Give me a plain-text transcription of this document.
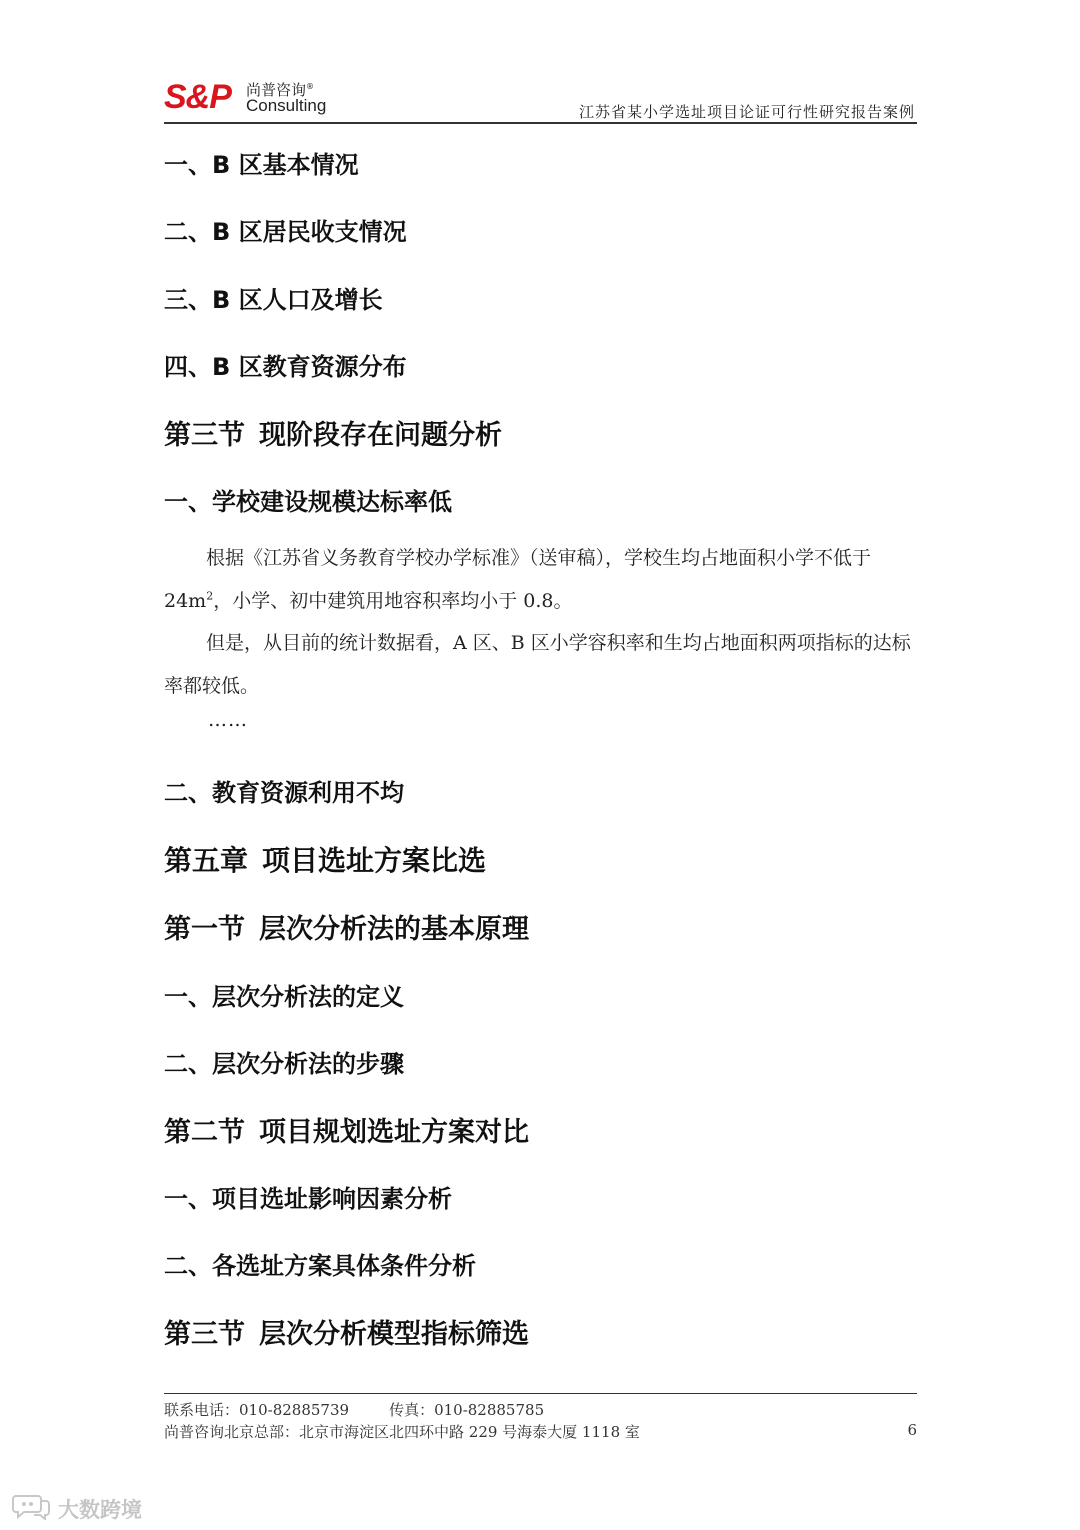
S&P 尚普咨询®
Consulting	江苏省某小学选址项目论证可行性研究报告案例
一、B 区基本情况
二、B 区居民收支情况
三、B 区人口及增长
四、B 区教育资源分布
第三节 现阶段存在问题分析
一、学校建设规模达标率低
根据《江苏省义务教育学校办学标准》（送审稿），学校生均占地面积小学不低于 $24m^2$，小学、初中建筑用地容积率均小于 0.8。
但是，从目前的统计数据看，A 区、B 区小学容积率和生均占地面积两项指标的达标率都较低。
……
二、教育资源利用不均
第五章 项目选址方案比选
第一节 层次分析法的基本原理
一、层次分析法的定义
二、层次分析法的步骤
第二节 项目规划选址方案对比
一、项目选址影响因素分析
二、各选址方案具体条件分析
第三节 层次分析模型指标筛选
联系电话：010-82885739	传真：010-82885785
尚普咨询北京总部：北京市海淀区北四环中路 229 号海泰大厦 1118 室	6
大数跨境
